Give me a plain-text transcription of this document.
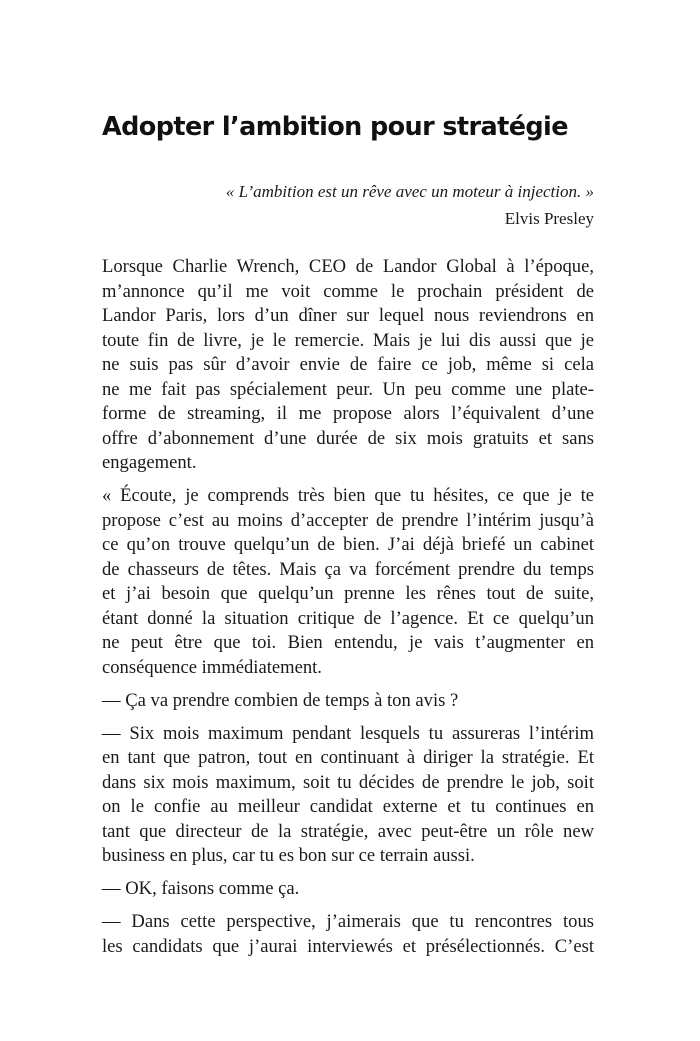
Adopter l’ambition pour stratégie
« L’ambition est un rêve avec un moteur à injection. »
Elvis Presley

Lorsque Charlie Wrench, CEO de Landor Global à l’époque,
m’annonce qu’il me voit comme le prochain président de
Landor Paris, lors d’un dîner sur lequel nous reviendrons en
toute fin de livre, je le remercie. Mais je lui dis aussi que je
ne suis pas sûr d’avoir envie de faire ce job, même si cela
ne me fait pas spécialement peur. Un peu comme une plate-
forme de streaming, il me propose alors l’équivalent d’une
offre d’abonnement d’une durée de six mois gratuits et sans
engagement.

« Écoute, je comprends très bien que tu hésites, ce que je te
propose c’est au moins d’accepter de prendre l’intérim jusqu’à
ce qu’on trouve quelqu’un de bien. J’ai déjà briefé un cabinet
de chasseurs de têtes. Mais ça va forcément prendre du temps
et j’ai besoin que quelqu’un prenne les rênes tout de suite,
étant donné la situation critique de l’agence. Et ce quelqu’un
ne peut être que toi. Bien entendu, je vais t’augmenter en
conséquence immédiatement.

— Ça va prendre combien de temps à ton avis ?

— Six mois maximum pendant lesquels tu assureras l’intérim
en tant que patron, tout en continuant à diriger la stratégie. Et
dans six mois maximum, soit tu décides de prendre le job, soit
on le confie au meilleur candidat externe et tu continues en
tant que directeur de la stratégie, avec peut-être un rôle new
business en plus, car tu es bon sur ce terrain aussi.

— OK, faisons comme ça.

— Dans cette perspective, j’aimerais que tu rencontres tous
les candidats que j’aurai interviewés et présélectionnés. C’est
